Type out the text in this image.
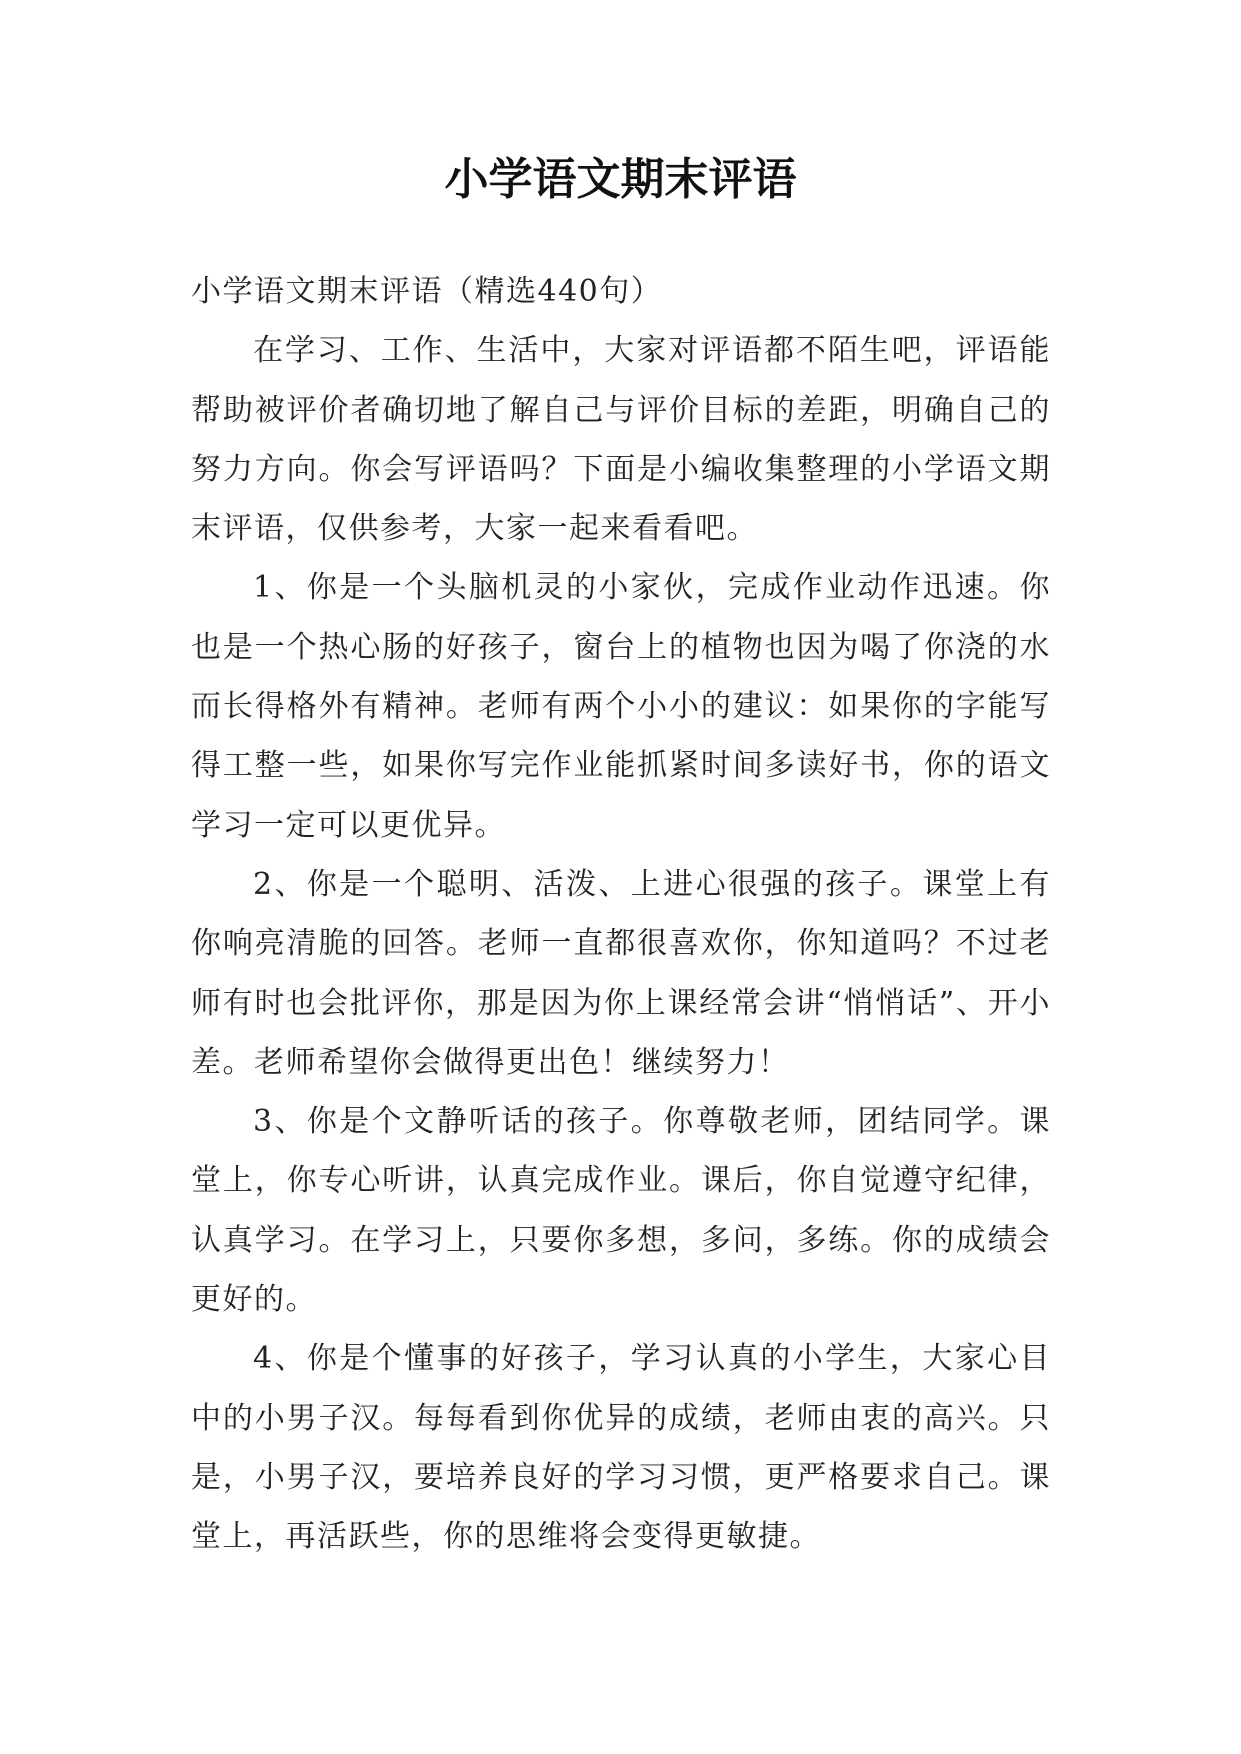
小学语文期末评语

小学语文期末评语（精选440句）

在学习、工作、生活中，大家对评语都不陌生吧，评语能帮助被评价者确切地了解自己与评价目标的差距，明确自己的努力方向。你会写评语吗？下面是小编收集整理的小学语文期末评语，仅供参考，大家一起来看看吧。

1、你是一个头脑机灵的小家伙，完成作业动作迅速。你也是一个热心肠的好孩子，窗台上的植物也因为喝了你浇的水而长得格外有精神。老师有两个小小的建议：如果你的字能写得工整一些，如果你写完作业能抓紧时间多读好书，你的语文学习一定可以更优异。

2、你是一个聪明、活泼、上进心很强的孩子。课堂上有你响亮清脆的回答。老师一直都很喜欢你，你知道吗？不过老师有时也会批评你，那是因为你上课经常会讲“悄悄话”、开小差。老师希望你会做得更出色！继续努力！

3、你是个文静听话的孩子。你尊敬老师，团结同学。课堂上，你专心听讲，认真完成作业。课后，你自觉遵守纪律，认真学习。在学习上，只要你多想，多问，多练。你的成绩会更好的。

4、你是个懂事的好孩子，学习认真的小学生，大家心目中的小男子汉。每每看到你优异的成绩，老师由衷的高兴。只是，小男子汉，要培养良好的学习习惯，更严格要求自己。课堂上，再活跃些，你的思维将会变得更敏捷。
